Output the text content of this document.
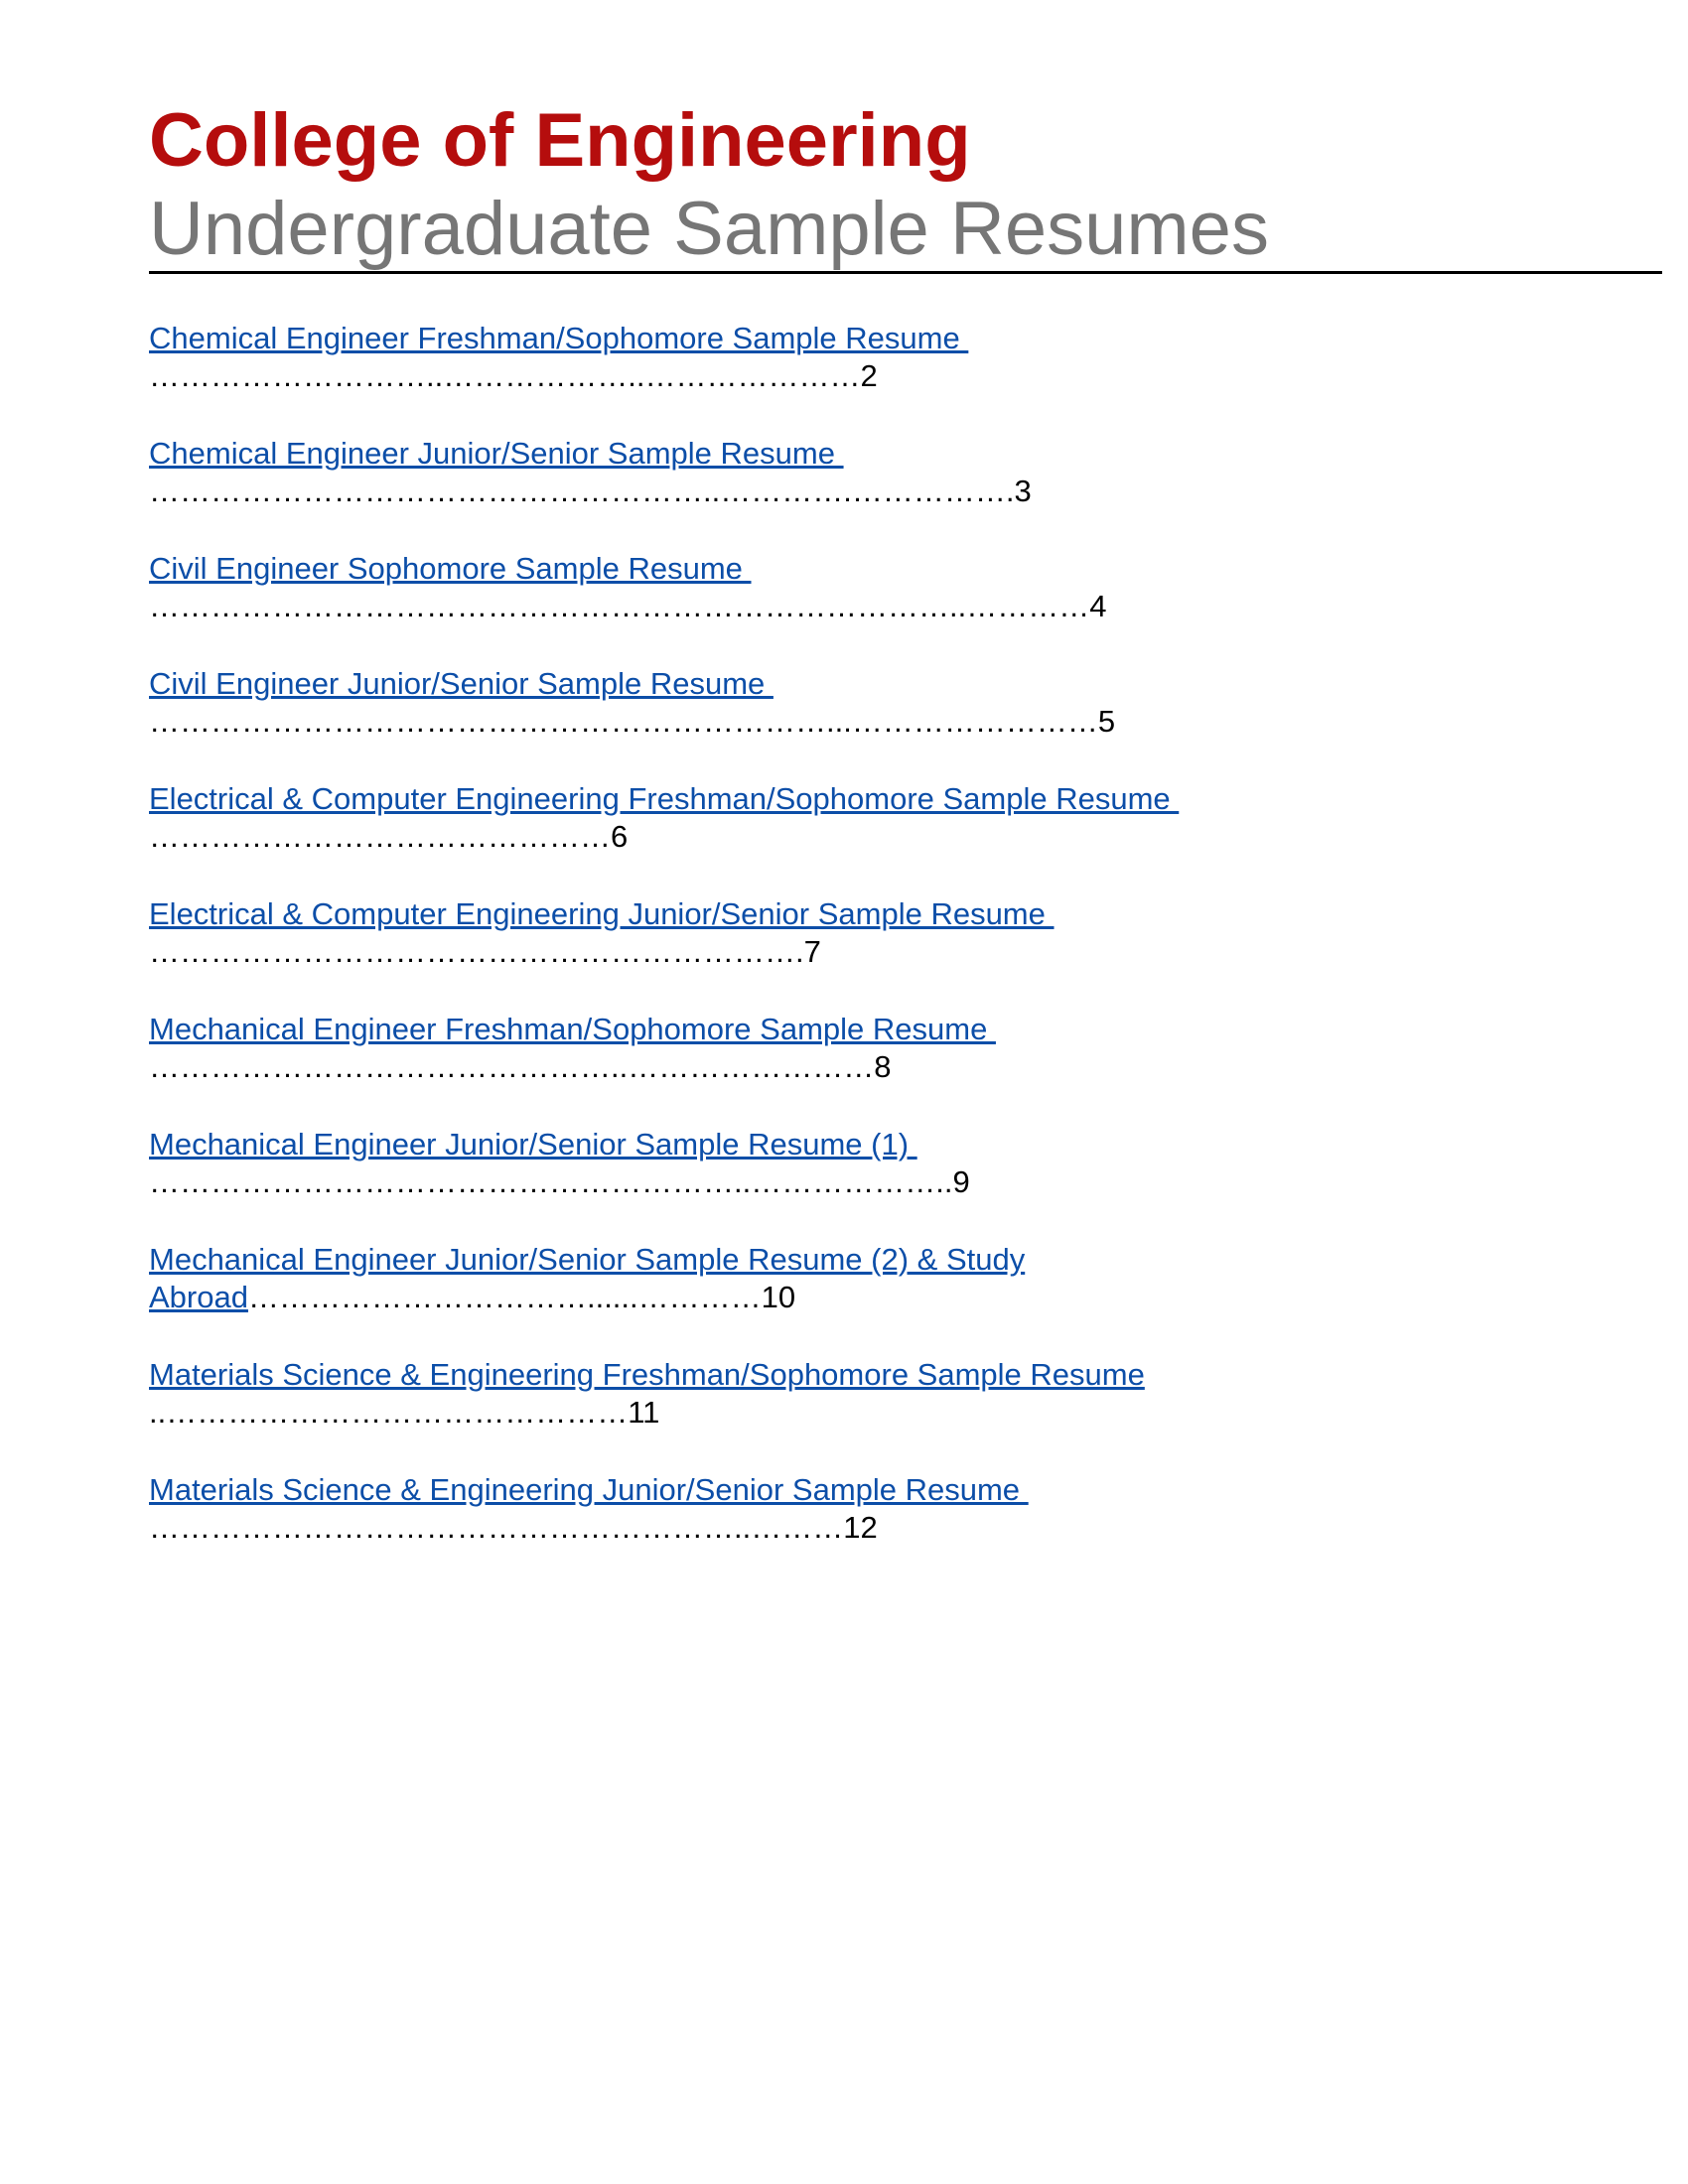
College of Engineering
Undergraduate Sample Resumes
Chemical Engineer Freshman/Sophomore Sample Resume
………………………..………………..…………………2
Chemical Engineer Junior/Senior Sample Resume
………………………………………………..………….…………….3
Civil Engineer Sophomore Sample Resume
……………………………………………………………………..…………4
Civil Engineer Junior/Senior Sample Resume
…………………………………………………………...……………………5
Electrical & Computer Engineering Freshman/Sophomore Sample Resume
………………………………………6
Electrical & Computer Engineering Junior/Senior Sample Resume
……………………………………………………….7
Mechanical Engineer Freshman/Sophomore Sample Resume
………………………………………..……………………8
Mechanical Engineer Junior/Senior Sample Resume (1)
…………………………………………………..………………..9
Mechanical Engineer Junior/Senior Sample Resume (2) & Study Abroad……………………………......…………10
Materials Science & Engineering Freshman/Sophomore Sample Resume
..………………………………………11
Materials Science & Engineering Junior/Senior Sample Resume
…………………………………………………..………12
